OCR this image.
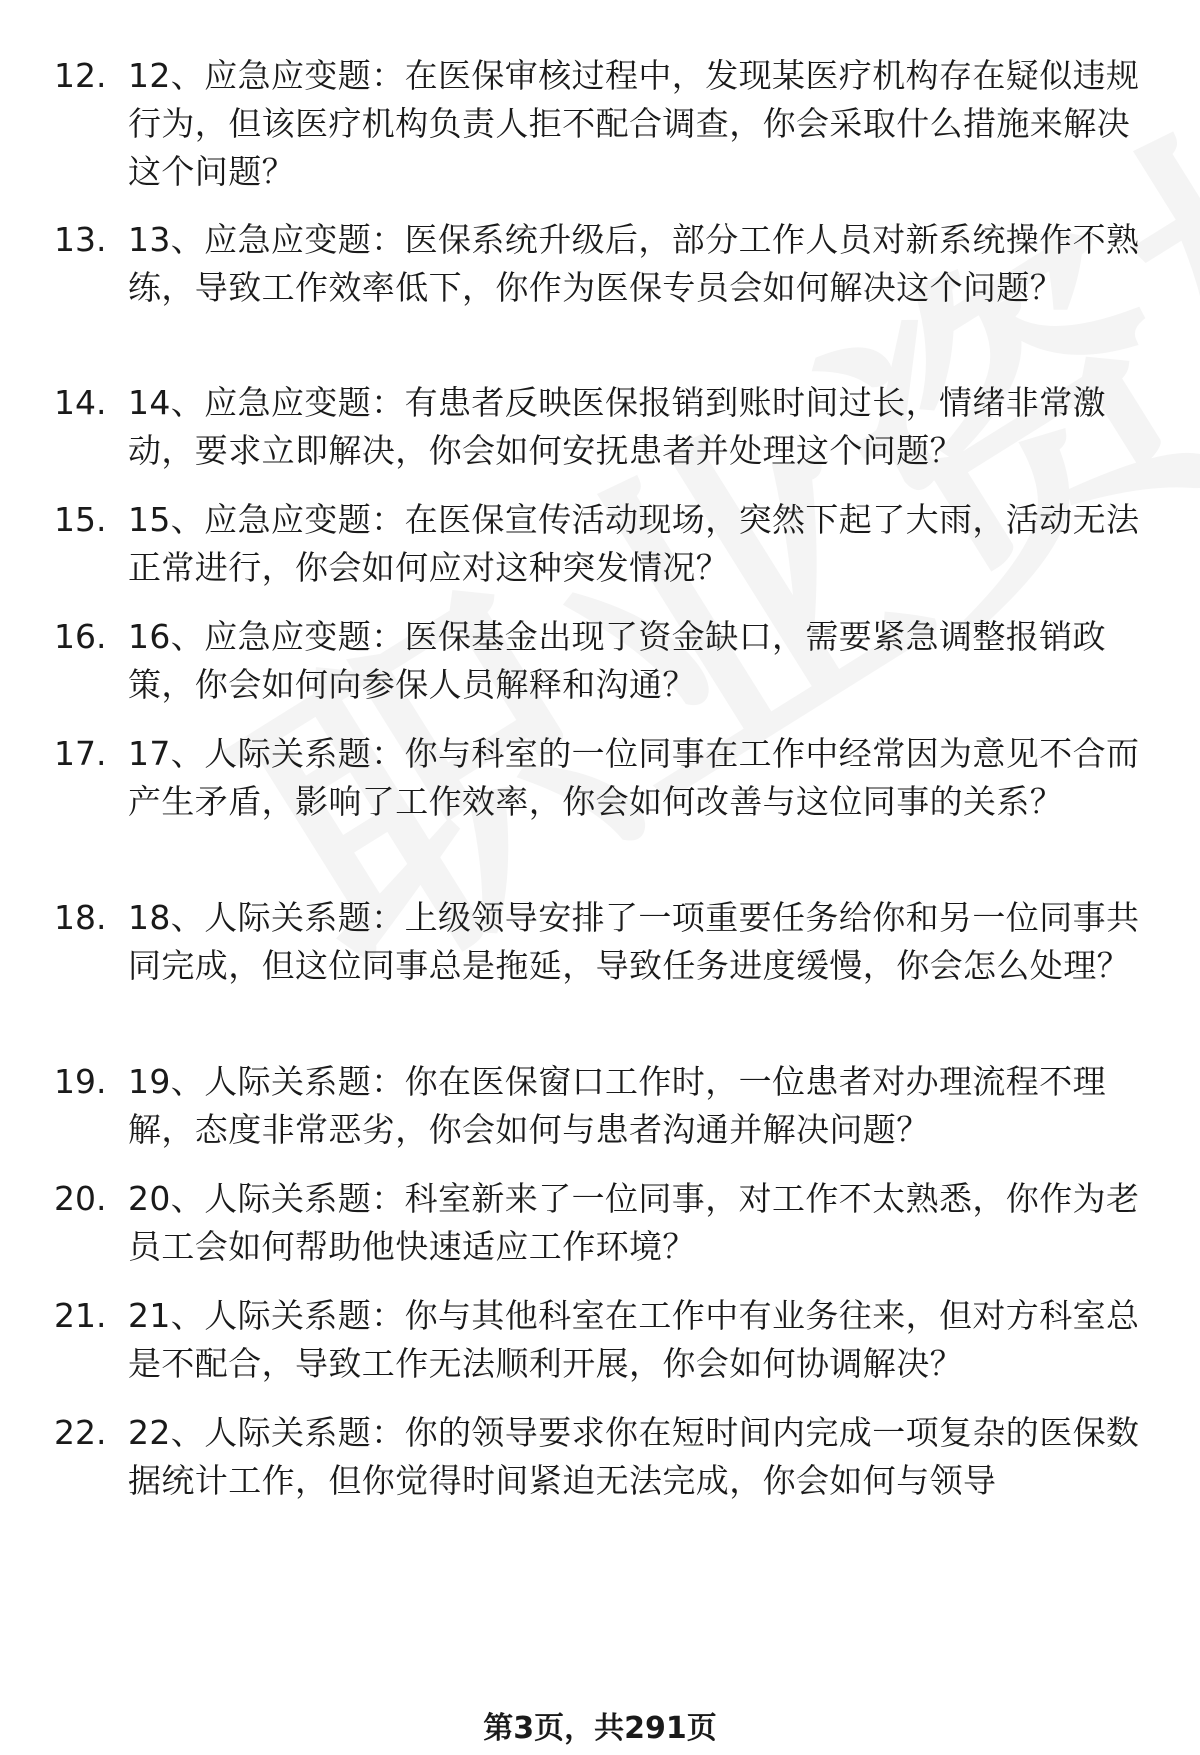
12. 12、应急应变题：在医保审核过程中，发现某医疗机构存在疑似违规行为，但该医疗机构负责人拒不配合调查，你会采取什么措施来解决这个问题？
13. 13、应急应变题：医保系统升级后，部分工作人员对新系统操作不熟练，导致工作效率低下，你作为医保专员会如何解决这个问题？
14. 14、应急应变题：有患者反映医保报销到账时间过长，情绪非常激动，要求立即解决，你会如何安抚患者并处理这个问题？
15. 15、应急应变题：在医保宣传活动现场，突然下起了大雨，活动无法正常进行，你会如何应对这种突发情况？
16. 16、应急应变题：医保基金出现了资金缺口，需要紧急调整报销政策，你会如何向参保人员解释和沟通？
17. 17、人际关系题：你与科室的一位同事在工作中经常因为意见不合而产生矛盾，影响了工作效率，你会如何改善与这位同事的关系？
18. 18、人际关系题：上级领导安排了一项重要任务给你和另一位同事共同完成，但这位同事总是拖延，导致任务进度缓慢，你会怎么处理？
19. 19、人际关系题：你在医保窗口工作时，一位患者对办理流程不理解，态度非常恶劣，你会如何与患者沟通并解决问题？
20. 20、人际关系题：科室新来了一位同事，对工作不太熟悉，你作为老员工会如何帮助他快速适应工作环境？
21. 21、人际关系题：你与其他科室在工作中有业务往来，但对方科室总是不配合，导致工作无法顺利开展，你会如何协调解决？
22. 22、人际关系题：你的领导要求你在短时间内完成一项复杂的医保数据统计工作，但你觉得时间紧迫无法完成，你会如何与领导
第3页，共291页
